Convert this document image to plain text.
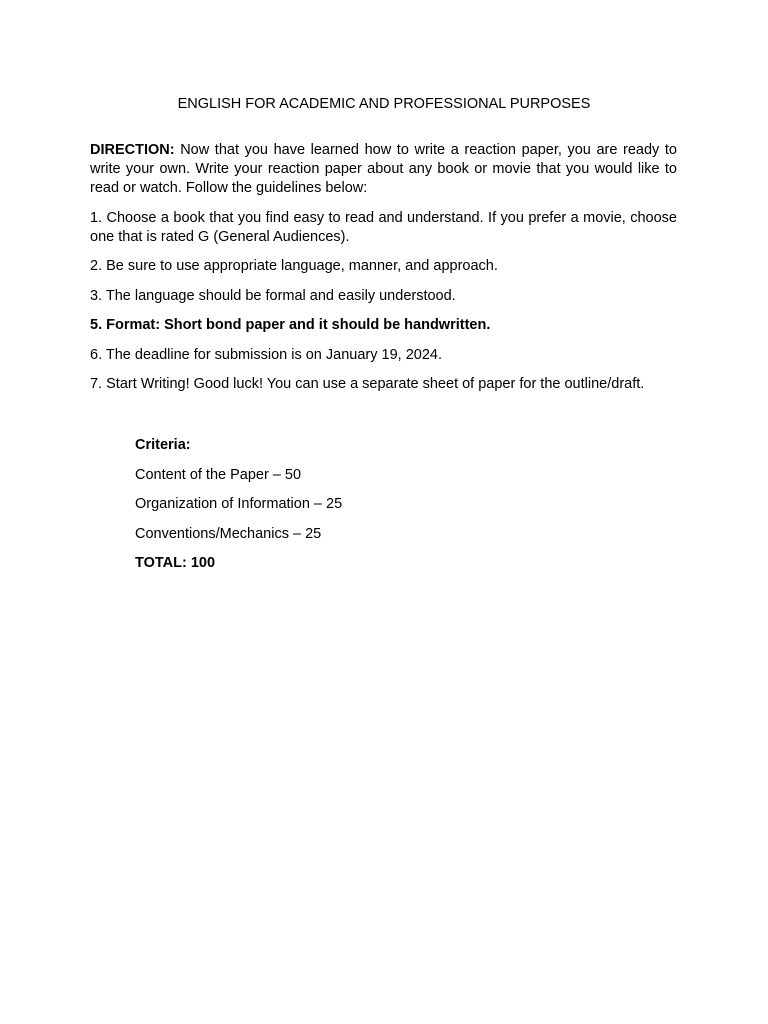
ENGLISH FOR ACADEMIC AND PROFESSIONAL PURPOSES

DIRECTION: Now that you have learned how to write a reaction paper, you are ready to write your own. Write your reaction paper about any book or movie that you would like to read or watch. Follow the guidelines below:

1. Choose a book that you find easy to read and understand. If you prefer a movie, choose one that is rated G (General Audiences).

2. Be sure to use appropriate language, manner, and approach.

3. The language should be formal and easily understood.

5. Format: Short bond paper and it should be handwritten.

6. The deadline for submission is on January 19, 2024.

7. Start Writing! Good luck! You can use a separate sheet of paper for the outline/draft.

Criteria:
Content of the Paper – 50
Organization of Information – 25
Conventions/Mechanics – 25
TOTAL: 100
